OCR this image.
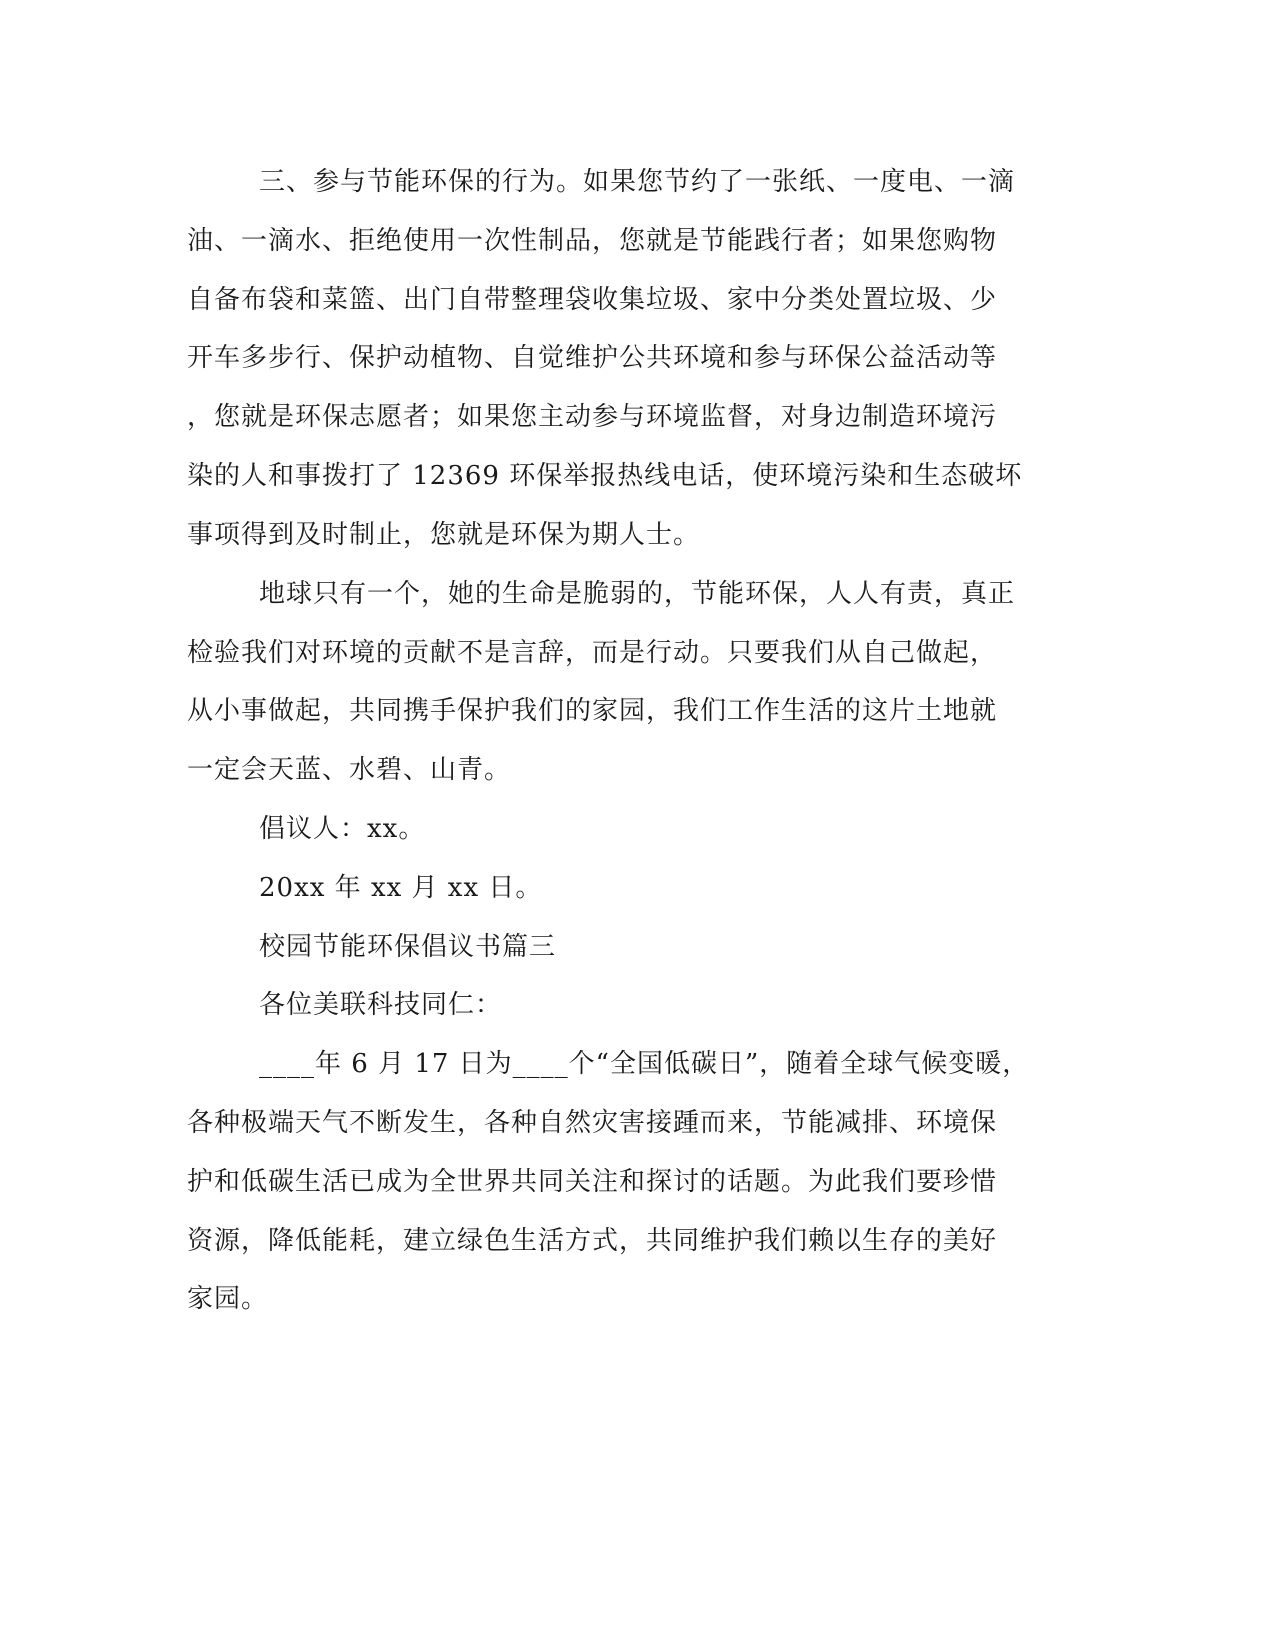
三、参与节能环保的行为。如果您节约了一张纸、一度电、一滴
油、一滴水、拒绝使用一次性制品，您就是节能践行者；如果您购物
自备布袋和菜篮、出门自带整理袋收集垃圾、家中分类处置垃圾、少
开车多步行、保护动植物、自觉维护公共环境和参与环保公益活动等
，您就是环保志愿者；如果您主动参与环境监督，对身边制造环境污
染的人和事拨打了 12369 环保举报热线电话，使环境污染和生态破坏
事项得到及时制止，您就是环保为期人士。
地球只有一个，她的生命是脆弱的，节能环保，人人有责，真正
检验我们对环境的贡献不是言辞，而是行动。只要我们从自己做起，
从小事做起，共同携手保护我们的家园，我们工作生活的这片土地就
一定会天蓝、水碧、山青。
倡议人：xx。
20xx 年 xx 月 xx 日。
校园节能环保倡议书篇三
各位美联科技同仁：
____年 6 月 17 日为____个“全国低碳日”，随着全球气候变暖，
各种极端天气不断发生，各种自然灾害接踵而来，节能减排、环境保
护和低碳生活已成为全世界共同关注和探讨的话题。为此我们要珍惜
资源，降低能耗，建立绿色生活方式，共同维护我们赖以生存的美好
家园。
